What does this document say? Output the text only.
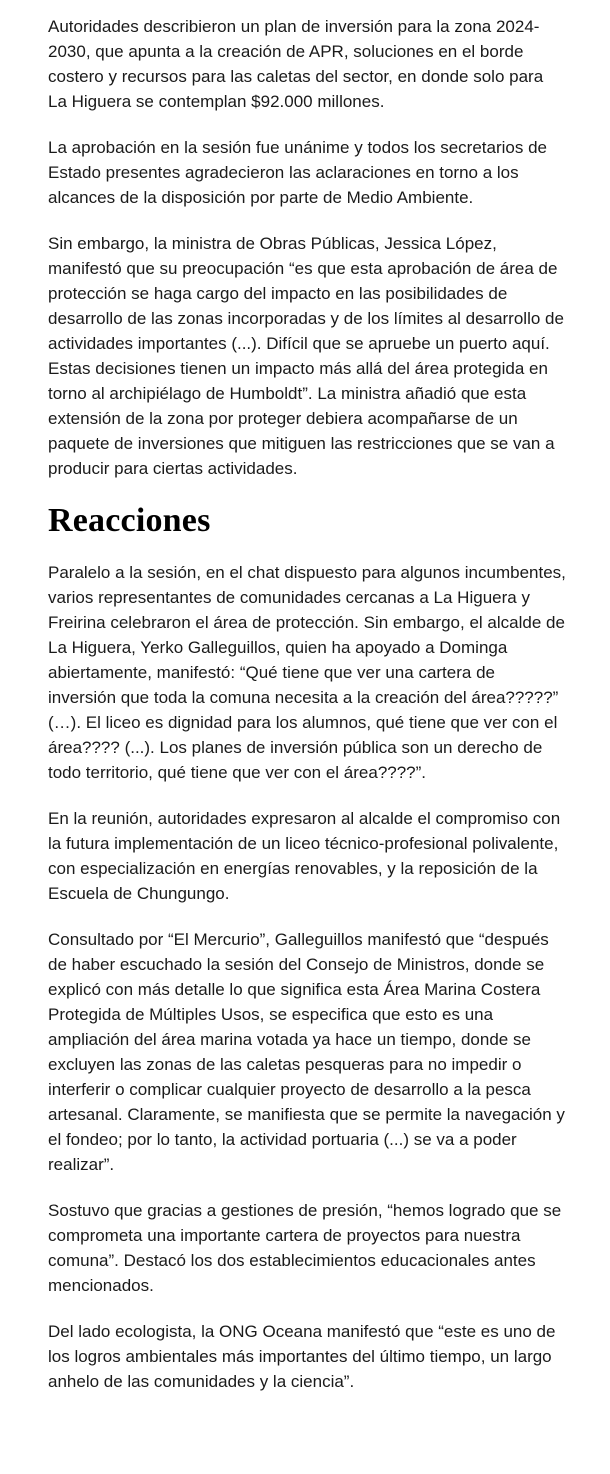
Autoridades describieron un plan de inversión para la zona 2024-2030, que apunta a la creación de APR, soluciones en el borde costero y recursos para las caletas del sector, en donde solo para La Higuera se contemplan $92.000 millones.

La aprobación en la sesión fue unánime y todos los secretarios de Estado presentes agradecieron las aclaraciones en torno a los alcances de la disposición por parte de Medio Ambiente.

Sin embargo, la ministra de Obras Públicas, Jessica López, manifestó que su preocupación “es que esta aprobación de área de protección se haga cargo del impacto en las posibilidades de desarrollo de las zonas incorporadas y de los límites al desarrollo de actividades importantes (...). Difícil que se apruebe un puerto aquí. Estas decisiones tienen un impacto más allá del área protegida en torno al archipiélago de Humboldt”. La ministra añadió que esta extensión de la zona por proteger debiera acompañarse de un paquete de inversiones que mitiguen las restricciones que se van a producir para ciertas actividades.

Reacciones

Paralelo a la sesión, en el chat dispuesto para algunos incumbentes, varios representantes de comunidades cercanas a La Higuera y Freirina celebraron el área de protección. Sin embargo, el alcalde de La Higuera, Yerko Galleguillos, quien ha apoyado a Dominga abiertamente, manifestó: “Qué tiene que ver una cartera de inversión que toda la comuna necesita a la creación del área?????” (…). El liceo es dignidad para los alumnos, qué tiene que ver con el área???? (...). Los planes de inversión pública son un derecho de todo territorio, qué tiene que ver con el área????”.

En la reunión, autoridades expresaron al alcalde el compromiso con la futura implementación de un liceo técnico-profesional polivalente, con especialización en energías renovables, y la reposición de la Escuela de Chungungo.

Consultado por “El Mercurio”, Galleguillos manifestó que “después de haber escuchado la sesión del Consejo de Ministros, donde se explicó con más detalle lo que significa esta Área Marina Costera Protegida de Múltiples Usos, se especifica que esto es una ampliación del área marina votada ya hace un tiempo, donde se excluyen las zonas de las caletas pesqueras para no impedir o interferir o complicar cualquier proyecto de desarrollo a la pesca artesanal. Claramente, se manifiesta que se permite la navegación y el fondeo; por lo tanto, la actividad portuaria (...) se va a poder realizar”.

Sostuvo que gracias a gestiones de presión, “hemos logrado que se comprometa una importante cartera de proyectos para nuestra comuna”. Destacó los dos establecimientos educacionales antes mencionados.

Del lado ecologista, la ONG Oceana manifestó que “este es uno de los logros ambientales más importantes del último tiempo, un largo anhelo de las comunidades y la ciencia”.
